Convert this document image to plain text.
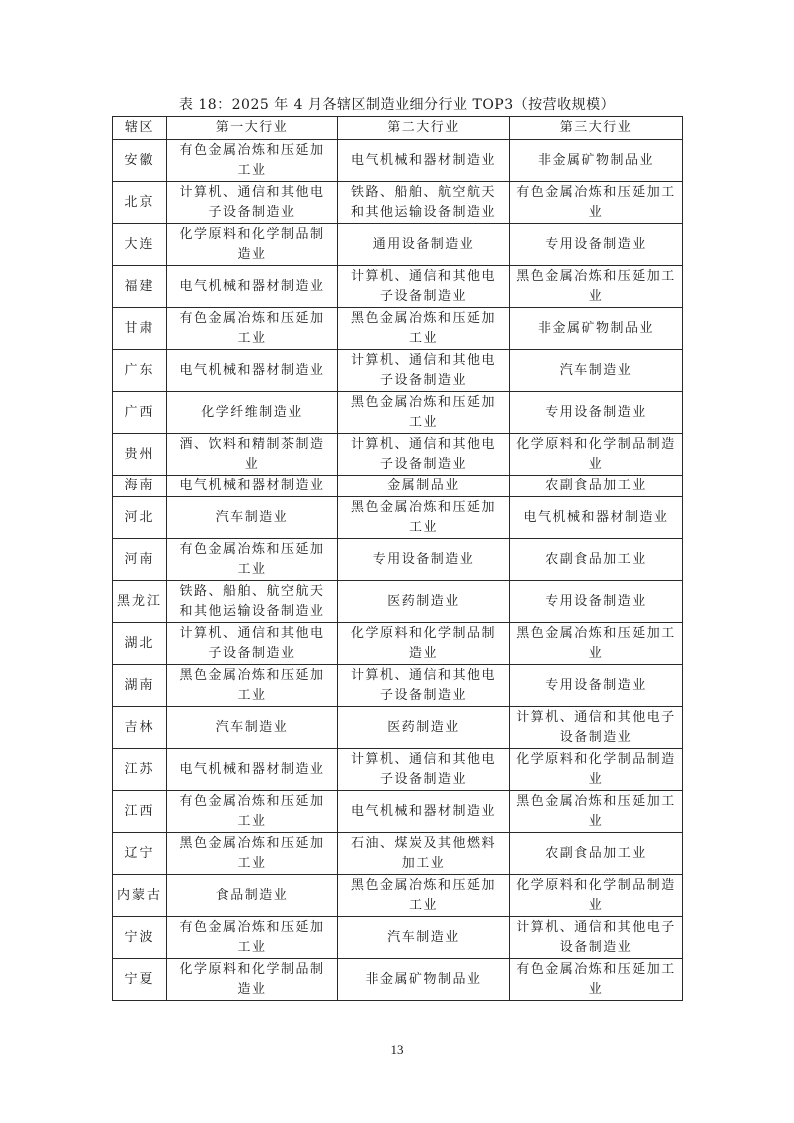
表 18：2025 年 4 月各辖区制造业细分行业 TOP3（按营收规模）
辖区	第一大行业	第二大行业	第三大行业
安徽	有色金属冶炼和压延加工业	电气机械和器材制造业	非金属矿物制品业
北京	计算机、通信和其他电子设备制造业	铁路、船舶、航空航天和其他运输设备制造业	有色金属冶炼和压延加工业
大连	化学原料和化学制品制造业	通用设备制造业	专用设备制造业
福建	电气机械和器材制造业	计算机、通信和其他电子设备制造业	黑色金属冶炼和压延加工业
甘肃	有色金属冶炼和压延加工业	黑色金属冶炼和压延加工业	非金属矿物制品业
广东	电气机械和器材制造业	计算机、通信和其他电子设备制造业	汽车制造业
广西	化学纤维制造业	黑色金属冶炼和压延加工业	专用设备制造业
贵州	酒、饮料和精制茶制造业	计算机、通信和其他电子设备制造业	化学原料和化学制品制造业
海南	电气机械和器材制造业	金属制品业	农副食品加工业
河北	汽车制造业	黑色金属冶炼和压延加工业	电气机械和器材制造业
河南	有色金属冶炼和压延加工业	专用设备制造业	农副食品加工业
黑龙江	铁路、船舶、航空航天和其他运输设备制造业	医药制造业	专用设备制造业
湖北	计算机、通信和其他电子设备制造业	化学原料和化学制品制造业	黑色金属冶炼和压延加工业
湖南	黑色金属冶炼和压延加工业	计算机、通信和其他电子设备制造业	专用设备制造业
吉林	汽车制造业	医药制造业	计算机、通信和其他电子设备制造业
江苏	电气机械和器材制造业	计算机、通信和其他电子设备制造业	化学原料和化学制品制造业
江西	有色金属冶炼和压延加工业	电气机械和器材制造业	黑色金属冶炼和压延加工业
辽宁	黑色金属冶炼和压延加工业	石油、煤炭及其他燃料加工业	农副食品加工业
内蒙古	食品制造业	黑色金属冶炼和压延加工业	化学原料和化学制品制造业
宁波	有色金属冶炼和压延加工业	汽车制造业	计算机、通信和其他电子设备制造业
宁夏	化学原料和化学制品制造业	非金属矿物制品业	有色金属冶炼和压延加工业
13
